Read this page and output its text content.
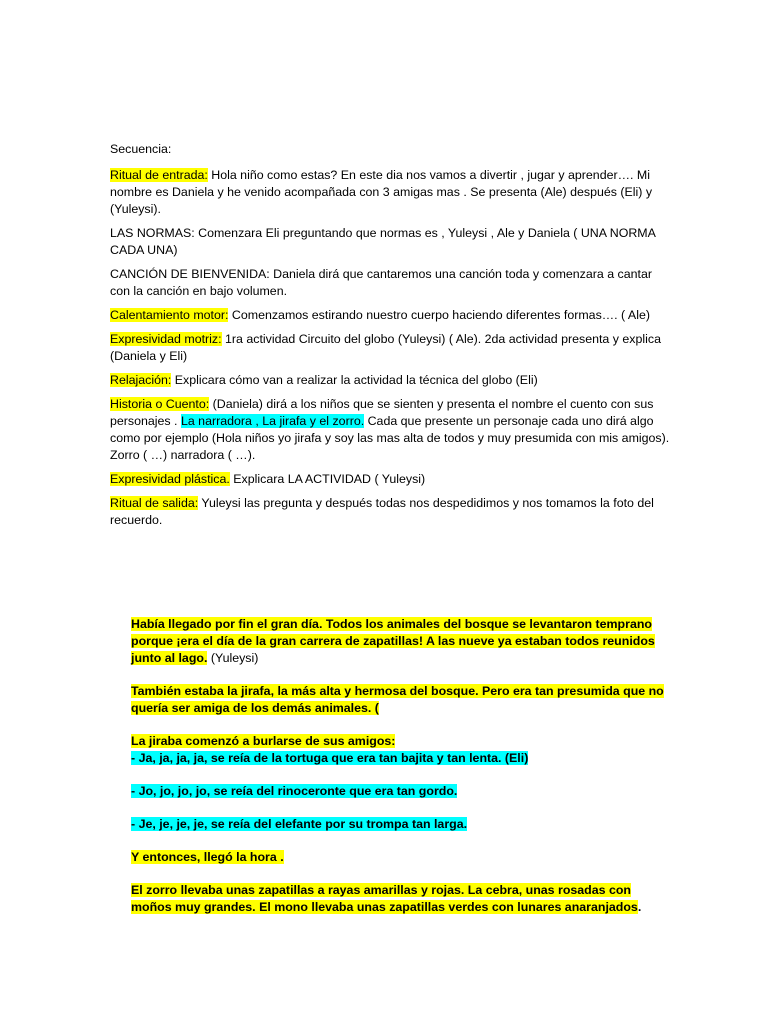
Secuencia:
Ritual de entrada: Hola niño como estas? En este dia nos vamos a divertir , jugar y aprender…. Mi nombre es Daniela y he venido acompañada con 3 amigas mas . Se presenta (Ale) después (Eli) y (Yuleysi).
LAS NORMAS: Comenzara Eli preguntando que normas es , Yuleysi , Ale y Daniela ( UNA NORMA CADA UNA)
CANCIÓN DE BIENVENIDA: Daniela dirá que cantaremos una canción toda y comenzara a cantar con la canción en bajo volumen.
Calentamiento motor: Comenzamos estirando nuestro cuerpo haciendo diferentes formas…. ( Ale)
Expresividad motriz: 1ra actividad Circuito del globo (Yuleysi) ( Ale). 2da actividad presenta y explica (Daniela y Eli)
Relajación: Explicara cómo van a realizar la actividad la técnica del globo (Eli)
Historia o Cuento: (Daniela) dirá a los niños que se sienten y presenta el nombre el cuento con sus personajes . La narradora , La jirafa y el zorro. Cada que presente un personaje cada uno dirá algo como por ejemplo (Hola niños yo jirafa y soy las mas alta de todos y muy presumida con mis amigos). Zorro ( …) narradora ( …).
Expresividad plástica. Explicara LA ACTIVIDAD ( Yuleysi)
Ritual de salida: Yuleysi las pregunta y después todas nos despedidimos y nos tomamos la foto del recuerdo.
Había llegado por fin el gran día. Todos los animales del bosque se levantaron temprano porque ¡era el día de la gran carrera de zapatillas! A las nueve ya estaban todos reunidos junto al lago. (Yuleysi)
También estaba la jirafa, la más alta y hermosa del bosque. Pero era tan presumida que no quería ser amiga de los demás animales. (
La jiraba comenzó a burlarse de sus amigos:
- Ja, ja, ja, ja, se reía de la tortuga que era tan bajita y tan lenta. (Eli)
- Jo, jo, jo, jo, se reía del rinoceronte que era tan gordo.
- Je, je, je, je, se reía del elefante por su trompa tan larga.
Y entonces, llegó la hora .
El zorro llevaba unas zapatillas a rayas amarillas y rojas. La cebra, unas rosadas con moños muy grandes. El mono llevaba unas zapatillas verdes con lunares anaranjados.
